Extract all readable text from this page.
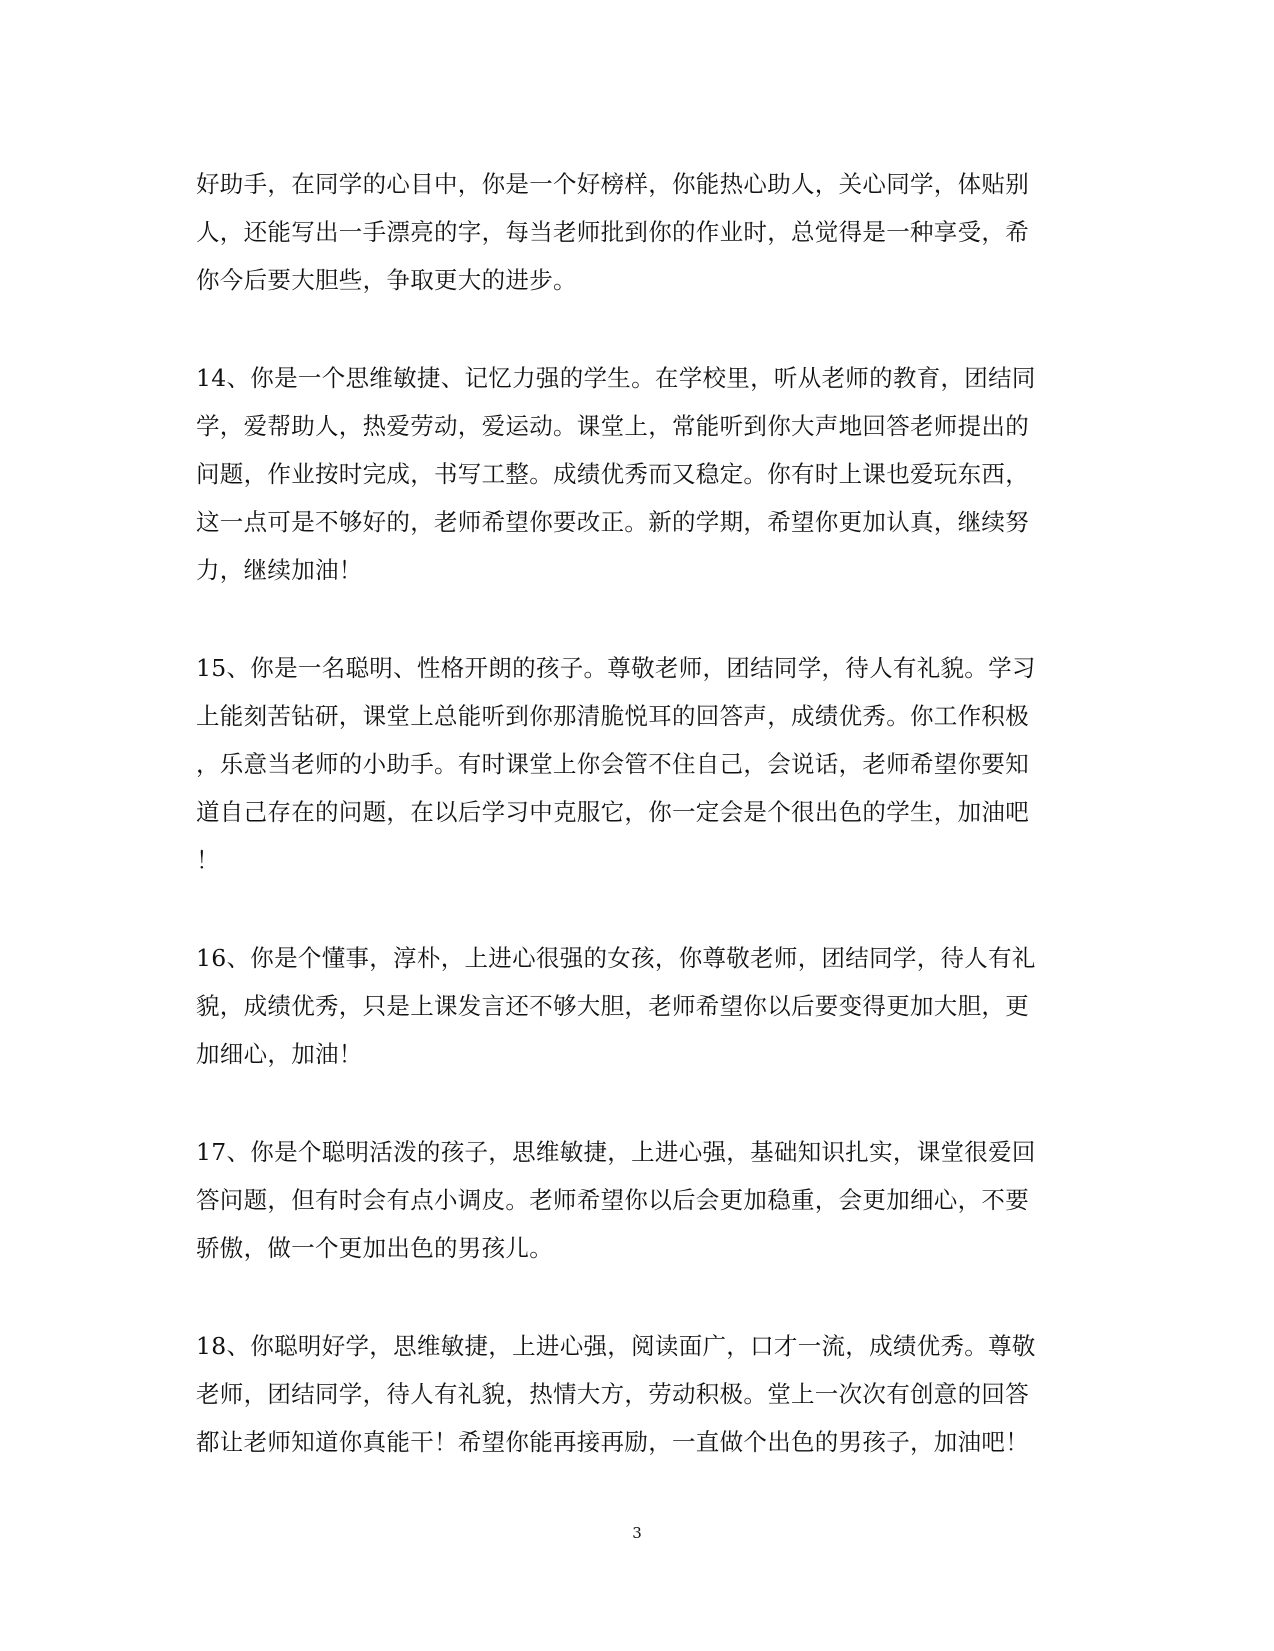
好助手，在同学的心目中，你是一个好榜样，你能热心助人，关心同学，体贴别
人，还能写出一手漂亮的字，每当老师批到你的作业时，总觉得是一种享受，希
你今后要大胆些，争取更大的进步。
14、你是一个思维敏捷、记忆力强的学生。在学校里，听从老师的教育，团结同
学，爱帮助人，热爱劳动，爱运动。课堂上，常能听到你大声地回答老师提出的
问题，作业按时完成，书写工整。成绩优秀而又稳定。你有时上课也爱玩东西，
这一点可是不够好的，老师希望你要改正。新的学期，希望你更加认真，继续努
力，继续加油！
15、你是一名聪明、性格开朗的孩子。尊敬老师，团结同学，待人有礼貌。学习
上能刻苦钻研，课堂上总能听到你那清脆悦耳的回答声，成绩优秀。你工作积极
，乐意当老师的小助手。有时课堂上你会管不住自己，会说话，老师希望你要知
道自己存在的问题，在以后学习中克服它，你一定会是个很出色的学生，加油吧
！
16、你是个懂事，淳朴，上进心很强的女孩，你尊敬老师，团结同学，待人有礼
貌，成绩优秀，只是上课发言还不够大胆，老师希望你以后要变得更加大胆，更
加细心，加油！
17、你是个聪明活泼的孩子，思维敏捷，上进心强，基础知识扎实，课堂很爱回
答问题，但有时会有点小调皮。老师希望你以后会更加稳重，会更加细心，不要
骄傲，做一个更加出色的男孩儿。
18、你聪明好学，思维敏捷，上进心强，阅读面广，口才一流，成绩优秀。尊敬
老师，团结同学，待人有礼貌，热情大方，劳动积极。堂上一次次有创意的回答
都让老师知道你真能干！希望你能再接再励，一直做个出色的男孩子，加油吧！
3
